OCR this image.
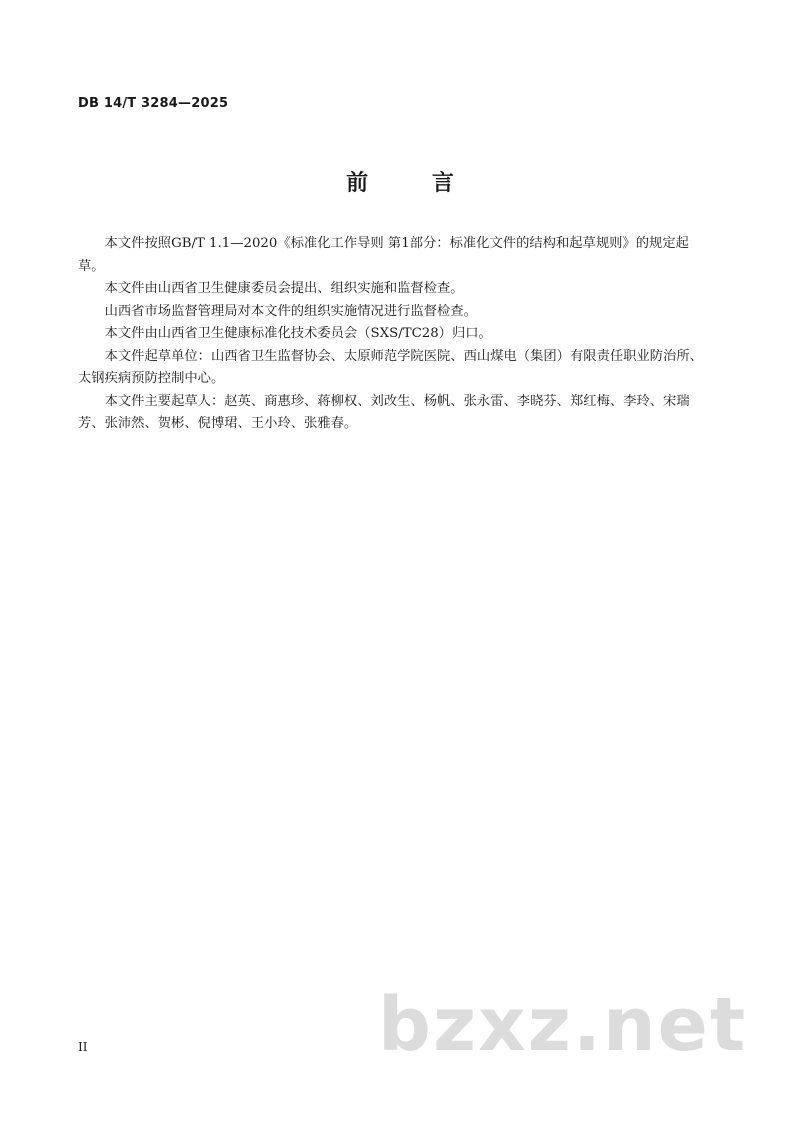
DB 14/T 3284—2025
前 言

本文件按照GB/T 1.1—2020《标准化工作导则 第1部分：标准化文件的结构和起草规则》的规定起草。

本文件由山西省卫生健康委员会提出、组织实施和监督检查。

山西省市场监督管理局对本文件的组织实施情况进行监督检查。

本文件由山西省卫生健康标准化技术委员会（SXS/TC28）归口。

本文件起草单位：山西省卫生监督协会、太原师范学院医院、西山煤电（集团）有限责任职业防治所、太钢疾病预防控制中心。

本文件主要起草人：赵英、商惠珍、蒋柳权、刘改生、杨帆、张永雷、李晓芬、郑红梅、李玲、宋瑞芳、张沛然、贺彬、倪博珺、王小玲、张雅春。

II	bzxz.net
